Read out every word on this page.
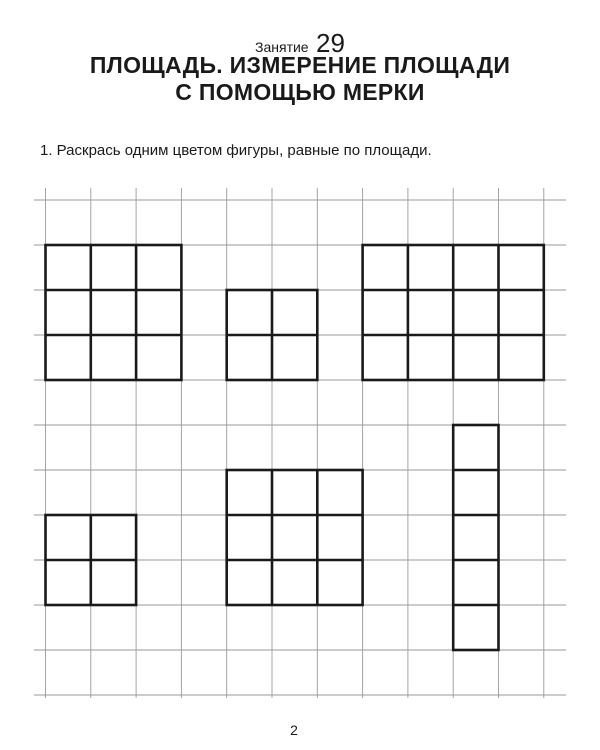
Занятие 29
ПЛОЩАДЬ. ИЗМЕРЕНИЕ ПЛОЩАДИ
С ПОМОЩЬЮ МЕРКИ
1. Раскрась одним цветом фигуры, равные по площади.
2
